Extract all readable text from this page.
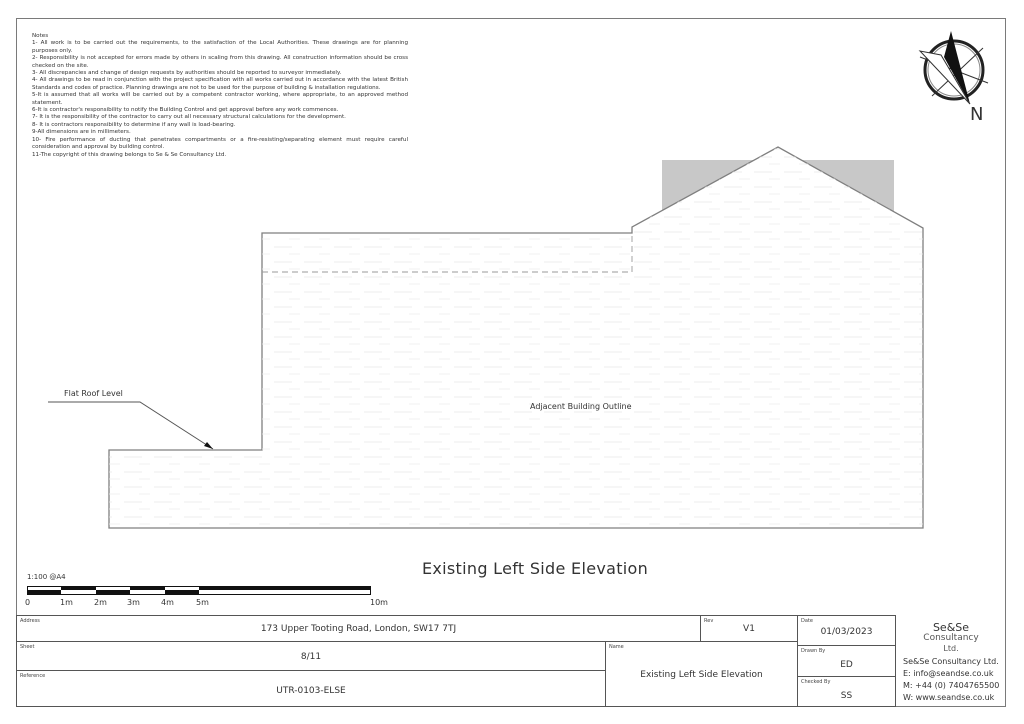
Notes
1- All work is to be carried out the requirements, to the satisfaction of the Local Authorities. These drawings are for planning purposes only.
2- Responsibility is not accepted for errors made by others in scaling from this drawing. All construction information should be cross checked on the site.
3- All discrepancies and change of design requests by authorities should be reported to surveyor immediately.
4- All drawings to be read in conjunction with the project specification with all works carried out in accordance with the latest British Standards and codes of practice. Planning drawings are not to be used for the purpose of building & installation regulations.
5-It is assumed that all works will be carried out by a competent contractor working, where appropriate, to an approved method statement.
6-It is contractor's responsibility to notify the Building Control and get approval before any work commences.
7- It is the responsibility of the contractor to carry out all necessary structural calculations for the development.
8- It is contractors responsibility to determine if any wall is load-bearing.
9-All dimensions are in millimeters.
10- Fire performance of ducting that penetrates compartments or a fire-resisting/separating element must require careful consideration and approval by building control.
11-The copyright of this drawing belongs to Se & Se Consultancy Ltd.
N
Flat Roof Level
Adjacent Building Outline
Existing Left Side Elevation
1:100 @A4
0	1m	2m	3m	4m	5m	10m
Address
173 Upper Tooting Road, London, SW17 7TJ
Rev
V1
Sheet
8/11
Reference
UTR-0103-ELSE
Name
Existing Left Side Elevation
Date
01/03/2023
Drawn By
ED
Checked By
SS
Se&Se
Consultancy
Ltd.
Se&Se Consultancy Ltd.
E: info@seandse.co.uk
M: +44 (0) 7404765500
W: www.seandse.co.uk
